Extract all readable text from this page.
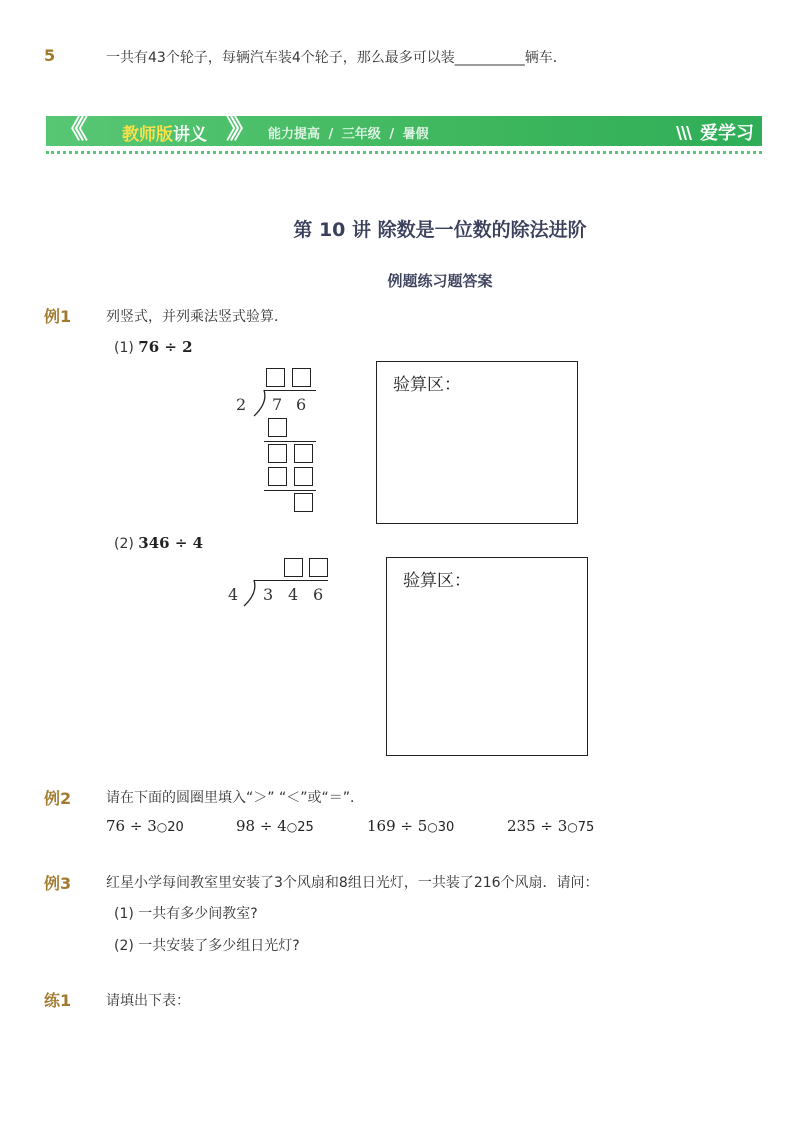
5	一共有43个轮子，每辆汽车装4个轮子，那么最多可以装__________辆车．
《《	教师版讲义 》》 能力提高 / 三年级 / 暑假	爱学习
第 10 讲 除数是一位数的除法进阶
例题练习题答案
例1 列竖式，并列乘法竖式验算．
(1) 76 ÷ 2
2 7 6
验算区：
(2) 346 ÷ 4
4 3 4 6
验算区：
例2 请在下面的圆圈里填入“＞” “＜”或“＝”．
76 ÷ 3○20	98 ÷ 4○25	169 ÷ 5○30	235 ÷ 3○75
例3 红星小学每间教室里安装了3个风扇和8组日光灯，一共装了216个风扇．请问：
(1) 一共有多少间教室?
(2) 一共安装了多少组日光灯?
练1 请填出下表：
